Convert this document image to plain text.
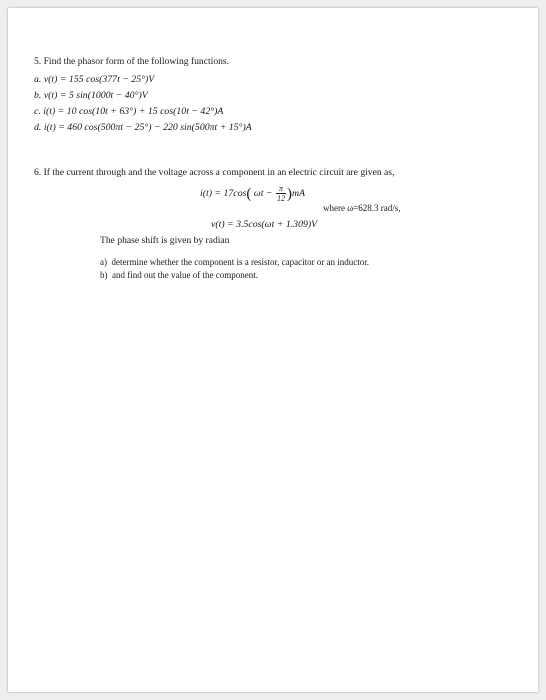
5. Find the phasor form of the following functions.
a. v(t) = 155 cos(377t − 25°)V
b. v(t) = 5 sin(1000t − 40°)V
c. i(t) = 10 cos(10t + 63°) + 15 cos(10t − 42°)A
d. i(t) = 460 cos(500πt − 25°) − 220 sin(500πt + 15°)A
6. If the current through and the voltage across a component in an electric circuit are given as,
i(t) = 17cos( $\omega t - \frac{\pi}{12} )mA$
where ω=628.3 rad/s,
v(t) = 3.5cos(ωt + 1.309)V
The phase shift is given by radian
a) determine whether the component is a resistor, capacitor or an inductor.
b) and find out the value of the component.
